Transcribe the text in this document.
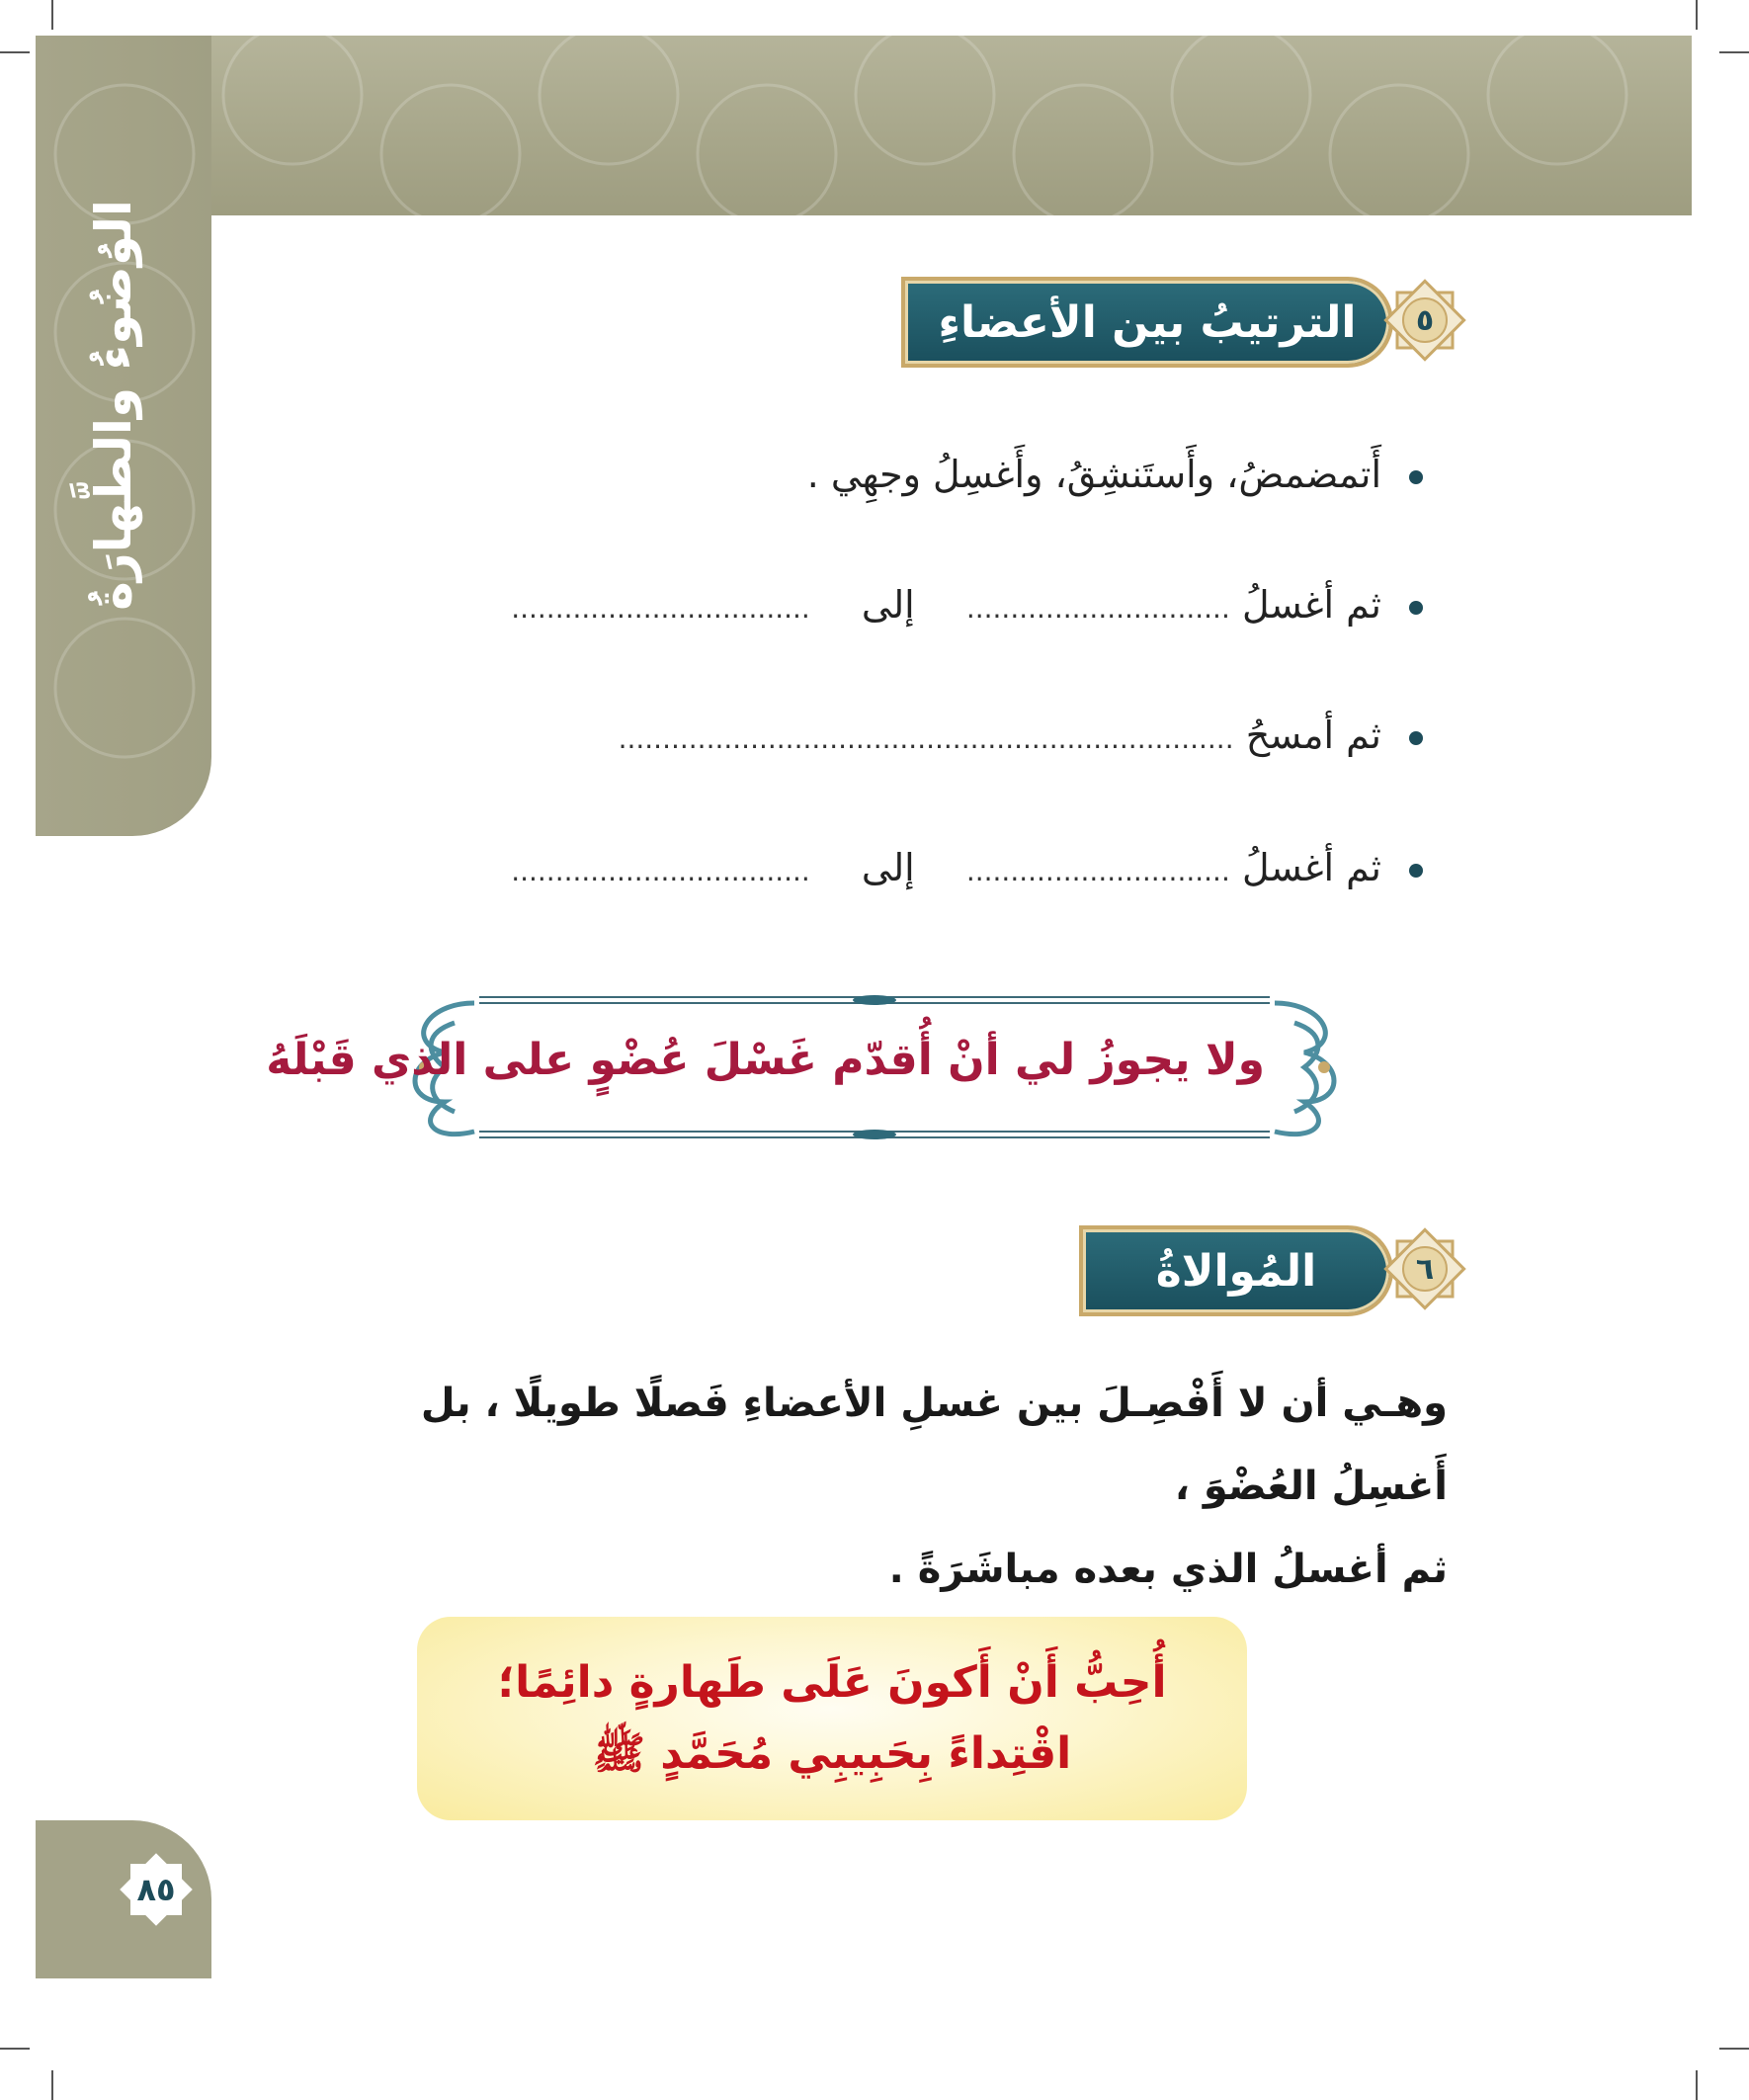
الوُضُوءُ والطَّهارَةُ	الترتيبُ بين الأعضاءِ	٥
أَتمضمضُ، وأَستَنشِقُ، وأَغسِلُ وجهِي .
ثم أغسلُ .............................. إلى ..................................
ثم أمسحُ ......................................................................
ثم أغسلُ .............................. إلى ..................................
ولا يجوزُ لي أنْ أُقدّم غَسْلَ عُضْوٍ على الذي قَبْلَهُ
المُوالاةُ	٦
وهـي أن لا أَفْصِـلَ بين غسلِ الأعضاءِ فَصلًا طويلًا ، بل أَغسِلُ العُضْوَ ،
ثم أغسلُ الذي بعده مباشَرَةً .
أُحِبُّ أَنْ أَكونَ عَلَى طَهارةٍ دائِمًا؛
اقْتِداءً بِحَبِيبِي مُحَمَّدٍ ﷺ
٨٥
